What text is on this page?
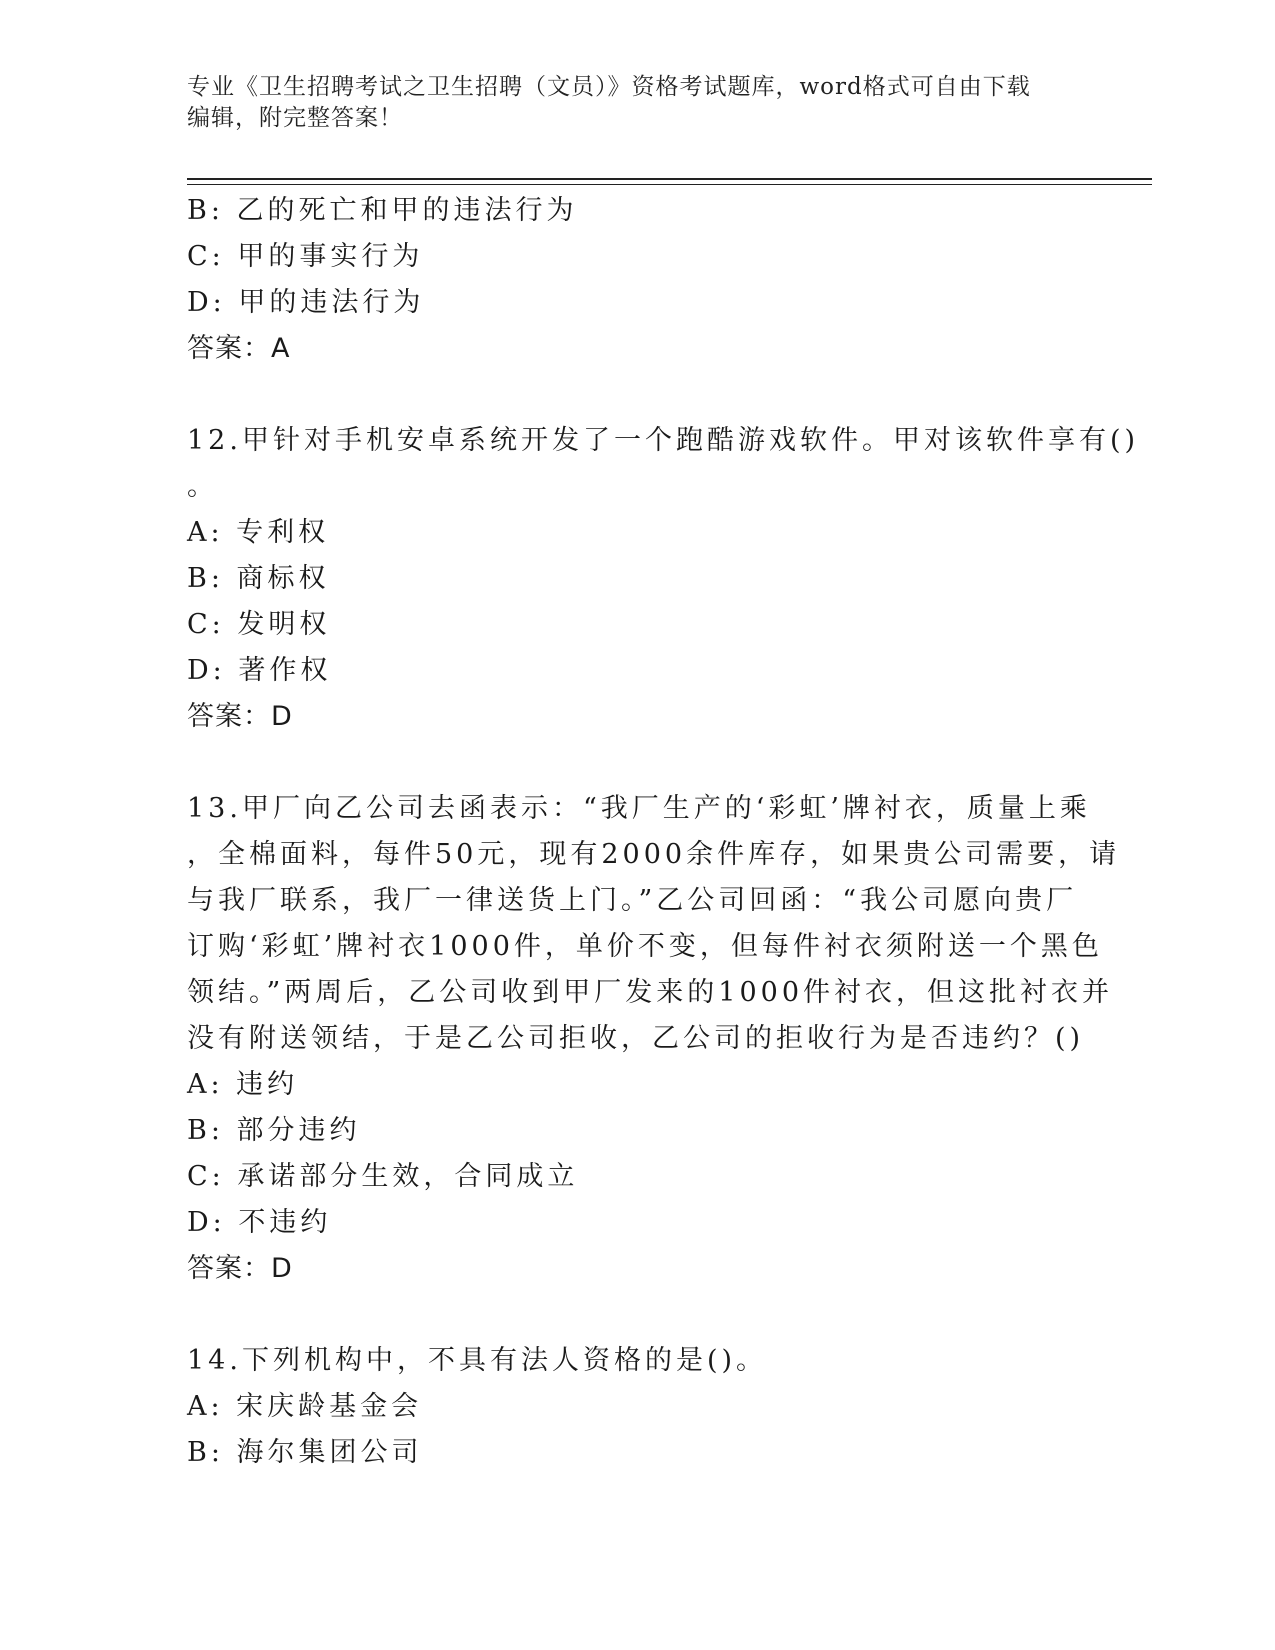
专业《卫生招聘考试之卫生招聘（文员）》资格考试题库，word格式可自由下载
编辑，附完整答案！
B: 乙的死亡和甲的违法行为
C: 甲的事实行为
D: 甲的违法行为
答案：A
12.甲针对手机安卓系统开发了一个跑酷游戏软件。甲对该软件享有()
。
A: 专利权
B: 商标权
C: 发明权
D: 著作权
答案：D
13.甲厂向乙公司去函表示：“我厂生产的‘彩虹’牌衬衣，质量上乘
，全棉面料，每件50元，现有2000余件库存，如果贵公司需要，请
与我厂联系，我厂一律送货上门。”乙公司回函：“我公司愿向贵厂
订购‘彩虹’牌衬衣1000件，单价不变，但每件衬衣须附送一个黑色
领结。”两周后，乙公司收到甲厂发来的1000件衬衣，但这批衬衣并
没有附送领结，于是乙公司拒收，乙公司的拒收行为是否违约？()
A: 违约
B: 部分违约
C: 承诺部分生效，合同成立
D: 不违约
答案：D
14.下列机构中，不具有法人资格的是()。
A: 宋庆龄基金会
B: 海尔集团公司
